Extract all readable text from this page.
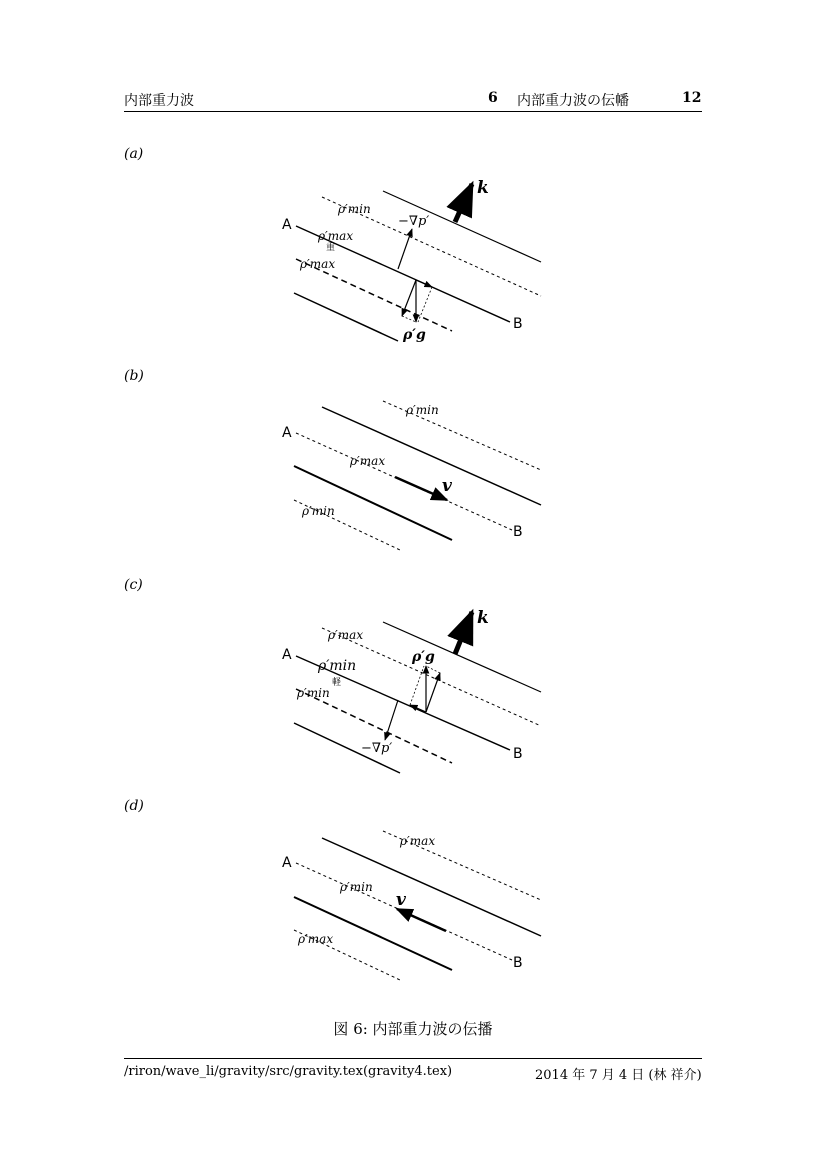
内部重力波	6 内部重力波の伝幡	12
(a)
(b)
(c)
(d)
A
B
ρ′min
ρ′max
重
ρ′max
−∇p′
ρ′g
k
A
B
ρ′min
ρ′max
ρ′min
v
A
B
ρ′max
ρ′min
軽
ρ′min
−∇p′
ρ′g
k
A
B
ρ′max
ρ′min
ρ′max
v
図 6: 内部重力波の伝播
/riron/wave_li/gravity/src/gravity.tex(gravity4.tex)	2014 年 7 月 4 日 (林 祥介)
